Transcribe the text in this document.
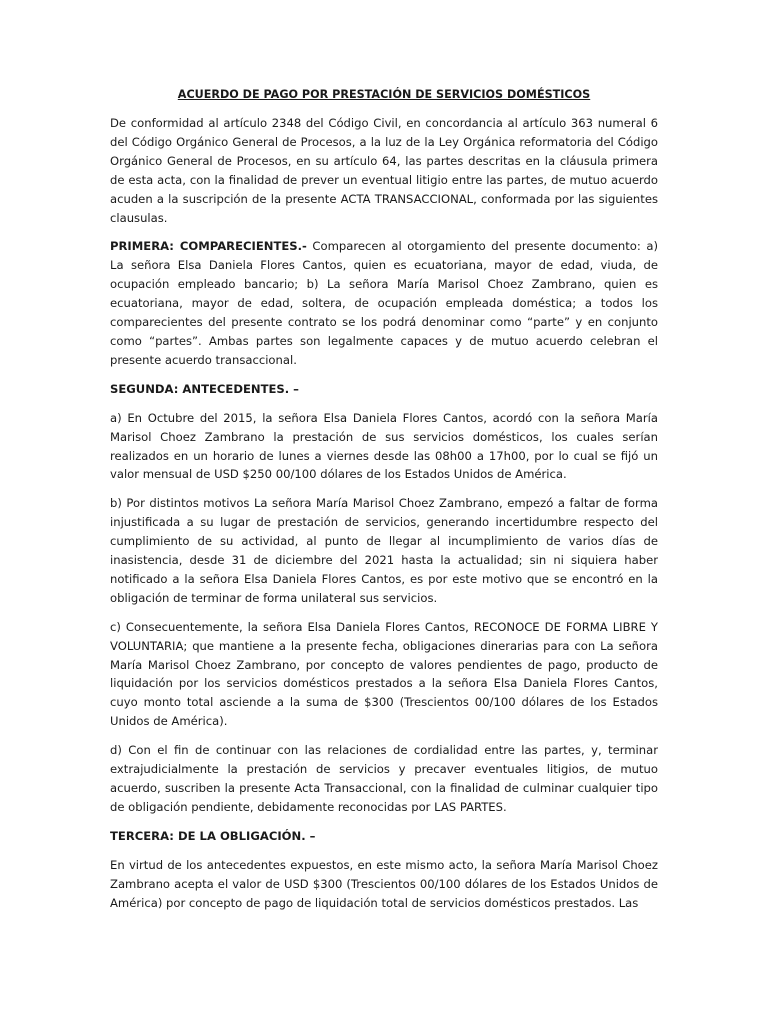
ACUERDO DE PAGO POR PRESTACIÓN DE SERVICIOS DOMÉSTICOS

De conformidad al artículo 2348 del Código Civil, en concordancia al artículo 363 numeral 6 del Código Orgánico General de Procesos, a la luz de la Ley Orgánica reformatoria del Código Orgánico General de Procesos, en su artículo 64, las partes descritas en la cláusula primera de esta acta, con la finalidad de prever un eventual litigio entre las partes, de mutuo acuerdo acuden a la suscripción de la presente ACTA TRANSACCIONAL, conformada por las siguientes clausulas.

PRIMERA: COMPARECIENTES.- Comparecen al otorgamiento del presente documento: a) La señora Elsa Daniela Flores Cantos, quien es ecuatoriana, mayor de edad, viuda, de ocupación empleado bancario; b) La señora María Marisol Choez Zambrano, quien es ecuatoriana, mayor de edad, soltera, de ocupación empleada doméstica; a todos los comparecientes del presente contrato se los podrá denominar como “parte” y en conjunto como “partes”. Ambas partes son legalmente capaces y de mutuo acuerdo celebran el presente acuerdo transaccional.

SEGUNDA: ANTECEDENTES. –

a) En Octubre del 2015, la señora Elsa Daniela Flores Cantos, acordó con la señora María Marisol Choez Zambrano la prestación de sus servicios domésticos, los cuales serían realizados en un horario de lunes a viernes desde las 08h00 a 17h00, por lo cual se fijó un valor mensual de USD $250 00/100 dólares de los Estados Unidos de América.

b) Por distintos motivos La señora María Marisol Choez Zambrano, empezó a faltar de forma injustificada a su lugar de prestación de servicios, generando incertidumbre respecto del cumplimiento de su actividad, al punto de llegar al incumplimiento de varios días de inasistencia, desde 31 de diciembre del 2021 hasta la actualidad; sin ni siquiera haber notificado a la señora Elsa Daniela Flores Cantos, es por este motivo que se encontró en la obligación de terminar de forma unilateral sus servicios.

c) Consecuentemente, la señora Elsa Daniela Flores Cantos, RECONOCE DE FORMA LIBRE Y VOLUNTARIA; que mantiene a la presente fecha, obligaciones dinerarias para con La señora María Marisol Choez Zambrano, por concepto de valores pendientes de pago, producto de liquidación por los servicios domésticos prestados a la señora Elsa Daniela Flores Cantos, cuyo monto total asciende a la suma de $300 (Trescientos 00/100 dólares de los Estados Unidos de América).

d) Con el fin de continuar con las relaciones de cordialidad entre las partes, y, terminar extrajudicialmente la prestación de servicios y precaver eventuales litigios, de mutuo acuerdo, suscriben la presente Acta Transaccional, con la finalidad de culminar cualquier tipo de obligación pendiente, debidamente reconocidas por LAS PARTES.

TERCERA: DE LA OBLIGACIÓN. –

En virtud de los antecedentes expuestos, en este mismo acto, la señora María Marisol Choez Zambrano acepta el valor de USD $300 (Trescientos 00/100 dólares de los Estados Unidos de América) por concepto de pago de liquidación total de servicios domésticos prestados. Las
